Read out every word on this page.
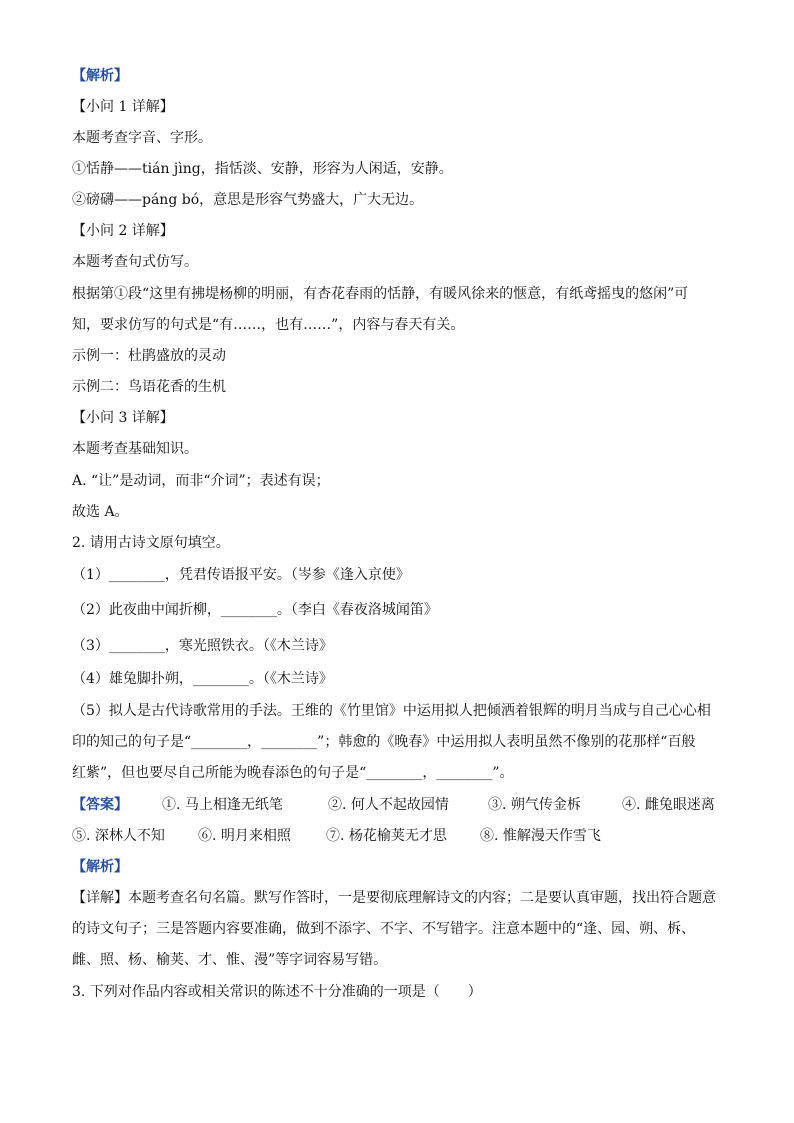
【解析】
【小问 1 详解】
本题考查字音、字形。
①恬静——tián jìng，指恬淡、安静，形容为人闲适，安静。
②磅礴——páng bó，意思是形容气势盛大，广大无边。
【小问 2 详解】
本题考查句式仿写。
根据第①段“这里有拂堤杨柳的明丽，有杏花春雨的恬静，有暖风徐来的惬意，有纸鸢摇曳的悠闲”可
知，要求仿写的句式是“有……，也有……”，内容与春天有关。
示例一：杜鹃盛放的灵动
示例二：鸟语花香的生机
【小问 3 详解】
本题考查基础知识。
A. “让”是动词，而非“介词”；表述有误；
故选 A。
2. 请用古诗文原句填空。
（1）________，凭君传语报平安。（岑参《逢入京使》
（2）此夜曲中闻折柳，________。（李白《春夜洛城闻笛》
（3）________，寒光照铁衣。（《木兰诗》
（4）雄兔脚扑朔，________。（《木兰诗》
（5）拟人是古代诗歌常用的手法。王维的《竹里馆》中运用拟人把倾洒着银辉的明月当成与自己心心相
印的知己的句子是“________，________”；韩愈的《晚春》中运用拟人表明虽然不像别的花那样“百般
红紫”，但也要尽自己所能为晚春添色的句子是“________，________”。
【答案】 ①. 马上相逢无纸笔	②. 何人不起故园情	③. 朔气传金柝	④. 雌兔眼迷离
⑤. 深林人不知 ⑥. 明月来相照	⑦. 杨花榆荚无才思 ⑧. 惟解漫天作雪飞
【解析】
【详解】本题考查名句名篇。默写作答时，一是要彻底理解诗文的内容；二是要认真审题，找出符合题意
的诗文句子；三是答题内容要准确，做到不添字、不字、不写错字。注意本题中的“逢、园、朔、柝、
雌、照、杨、榆荚、才、惟、漫”等字词容易写错。
3. 下列对作品内容或相关常识的陈述不十分准确的一项是（　　）
